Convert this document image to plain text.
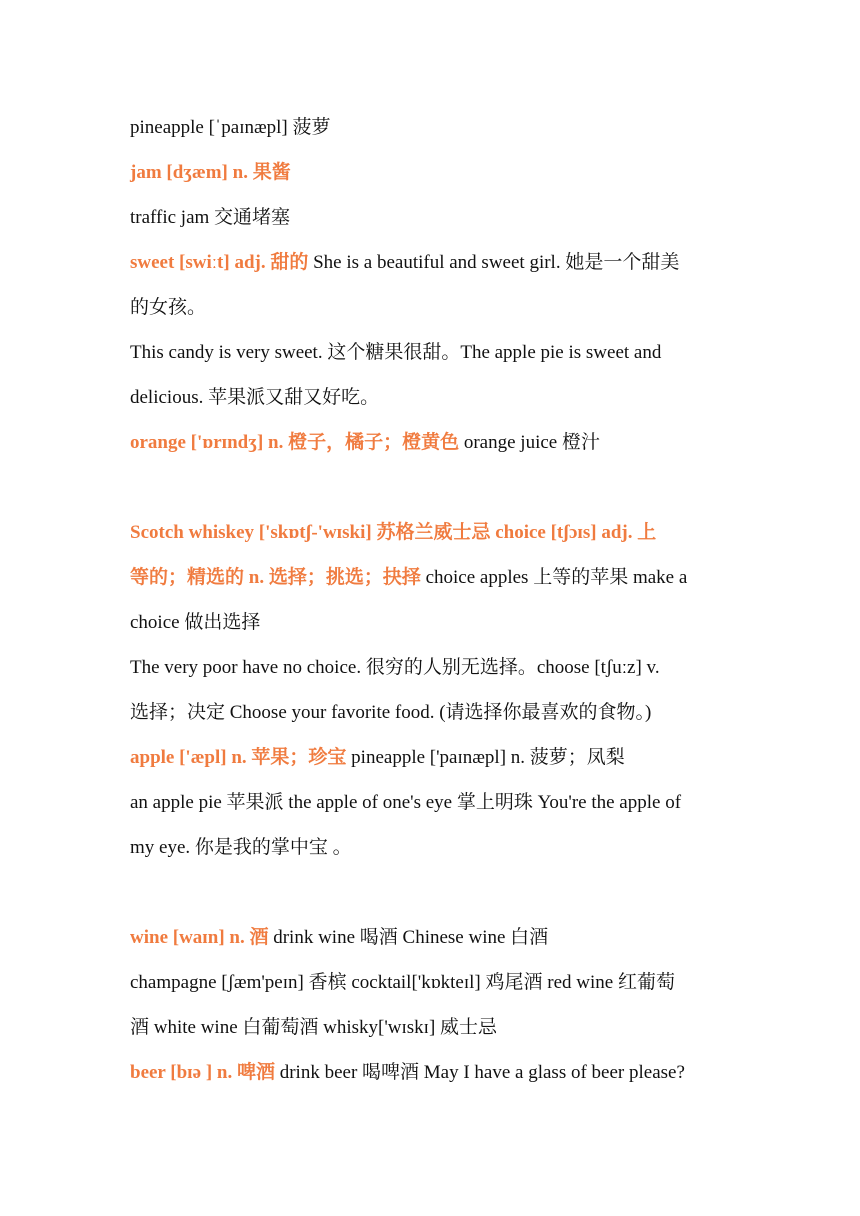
pineapple [ˈpaɪnæpl] 菠萝
jam [dʒæm] n. 果酱
traffic jam 交通堵塞
sweet [swiːt] adj. 甜的 She is a beautiful and sweet girl. 她是一个甜美
的女孩。
This candy is very sweet. 这个糖果很甜。The apple pie is sweet and
delicious. 苹果派又甜又好吃。
orange ['ɒrɪndʒ] n. 橙子，橘子；橙黄色 orange juice 橙汁
Scotch whiskey ['skɒtʃ-'wɪski] 苏格兰威士忌 choice [tʃɔɪs] adj. 上
等的；精选的 n. 选择；挑选；抉择 choice apples 上等的苹果 make a
choice 做出选择
The very poor have no choice. 很穷的人别无选择。choose [tʃuːz] v.
选择；决定 Choose your favorite food. (请选择你最喜欢的食物。)
apple ['æpl] n. 苹果；珍宝 pineapple ['paɪnæpl] n. 菠萝；凤梨
an apple pie 苹果派 the apple of one's eye 掌上明珠 You're the apple of
my eye. 你是我的掌中宝 。
wine [waɪn] n. 酒 drink wine 喝酒 Chinese wine 白酒
champagne [ʃæm'peɪn] 香槟 cocktail['kɒkteɪl] 鸡尾酒 red wine 红葡萄
酒 white wine 白葡萄酒 whisky['wɪskɪ] 威士忌
beer [bɪə ] n. 啤酒 drink beer 喝啤酒 May I have a glass of beer please?
